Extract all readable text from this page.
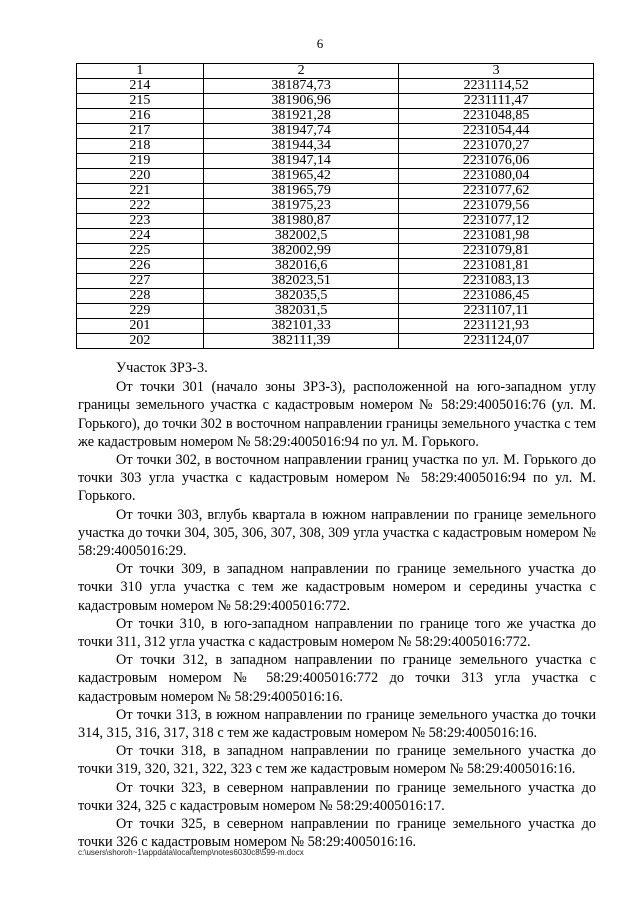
6
1	2	3
214	381874,73	2231114,52
215	381906,96	2231111,47
216	381921,28	2231048,85
217	381947,74	2231054,44
218	381944,34	2231070,27
219	381947,14	2231076,06
220	381965,42	2231080,04
221	381965,79	2231077,62
222	381975,23	2231079,56
223	381980,87	2231077,12
224	382002,5	2231081,98
225	382002,99	2231079,81
226	382016,6	2231081,81
227	382023,51	2231083,13
228	382035,5	2231086,45
229	382031,5	2231107,11
201	382101,33	2231121,93
202	382111,39	2231124,07

Участок ЗРЗ-3.

От точки 301 (начало зоны ЗРЗ-3), расположенной на юго-западном углу границы земельного участка с кадастровым номером № 58:29:4005016:76 (ул. М. Горького), до точки 302 в восточном направлении границы земельного участка с тем же кадастровым номером № 58:29:4005016:94 по ул. М. Горького.

От точки 302, в восточном направлении границ участка по ул. М. Горького до точки 303 угла участка с кадастровым номером № 58:29:4005016:94 по ул. М. Горького.

От точки 303, вглубь квартала в южном направлении по границе земельного участка до точки 304, 305, 306, 307, 308, 309 угла участка с кадастровым номером № 58:29:4005016:29.

От точки 309, в западном направлении по границе земельного участка до точки 310 угла участка с тем же кадастровым номером и середины участка с кадастровым номером № 58:29:4005016:772.

От точки 310, в юго-западном направлении по границе того же участка до точки 311, 312 угла участка с кадастровым номером № 58:29:4005016:772.

От точки 312, в западном направлении по границе земельного участка с кадастровым номером № 58:29:4005016:772 до точки 313 угла участка с кадастровым номером № 58:29:4005016:16.

От точки 313, в южном направлении по границе земельного участка до точки 314, 315, 316, 317, 318 с тем же кадастровым номером № 58:29:4005016:16.

От точки 318, в западном направлении по границе земельного участка до точки 319, 320, 321, 322, 323 с тем же кадастровым номером № 58:29:4005016:16.

От точки 323, в северном направлении по границе земельного участка до точки 324, 325 с кадастровым номером № 58:29:4005016:17.

От точки 325, в северном направлении по границе земельного участка до точки 326 с кадастровым номером № 58:29:4005016:16.

c:\users\shoroh~1\appdata\local\temp\notes6030c8\599-m.docx
